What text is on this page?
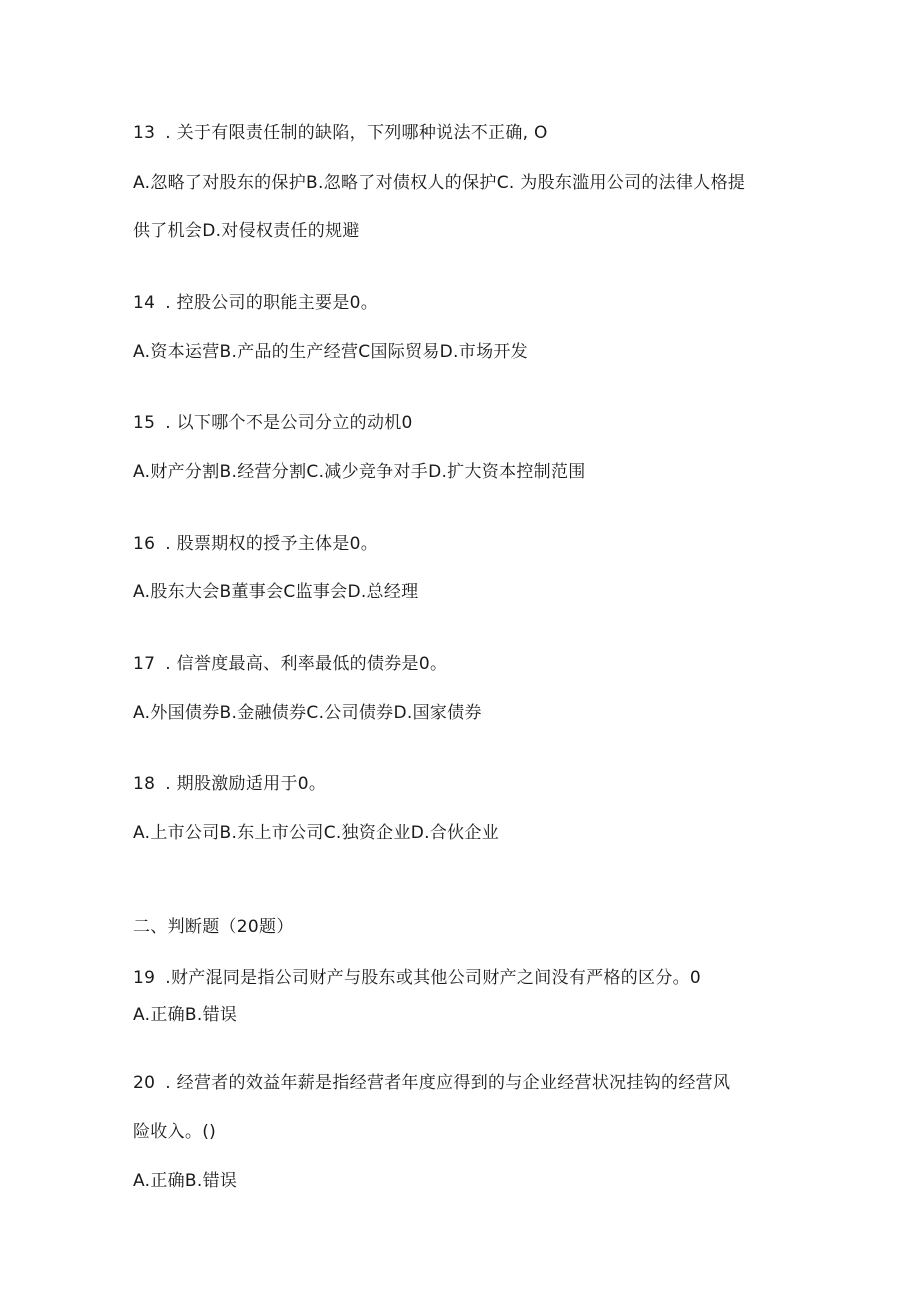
13 . 关于有限责任制的缺陷，下列哪种说法不正确, O
A.忽略了对股东的保护B.忽略了对债权人的保护C. 为股东滥用公司的法律人格提
供了机会D.对侵权责任的规避
14 . 控股公司的职能主要是0。
A.资本运营B.产品的生产经营C国际贸易D.市场开发
15 . 以下哪个不是公司分立的动机0
A.财产分割B.经营分割C.减少竞争对手D.扩大资本控制范围
16 . 股票期权的授予主体是0。
A.股东大会B董事会C监事会D.总经理
17 . 信誉度最高、利率最低的债券是0。
A.外国债券B.金融债券C.公司债券D.国家债券
18 . 期股激励适用于0。
A.上市公司B.东上市公司C.独资企业D.合伙企业
二、判断题（20题）
19 .财产混同是指公司财产与股东或其他公司财产之间没有严格的区分。0
A.正确B.错误
20 . 经营者的效益年薪是指经营者年度应得到的与企业经营状况挂钩的经营风
险收入。()
A.正确B.错误
